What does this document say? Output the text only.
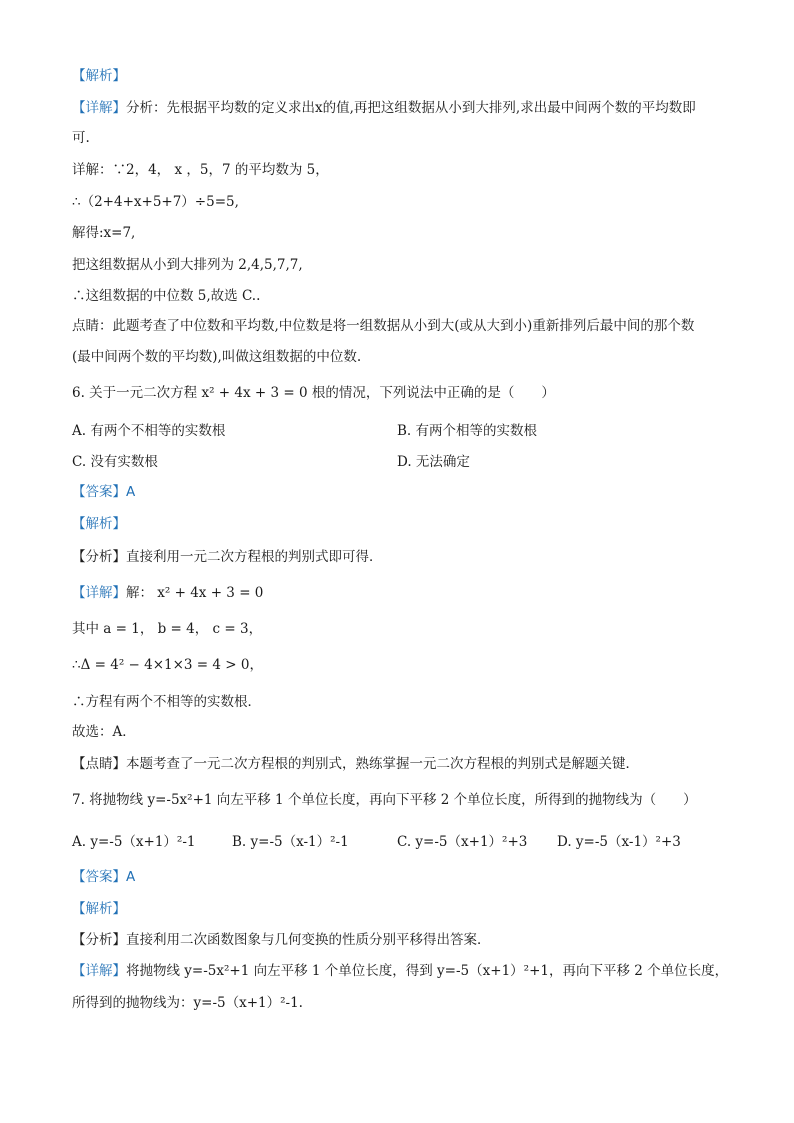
【解析】
【详解】分析：先根据平均数的定义求出x的值,再把这组数据从小到大排列,求出最中间两个数的平均数即
可.
详解：∵2，4， x ，5，7 的平均数为 5，
∴（2+4+x+5+7）÷5=5,
解得:x=7,
把这组数据从小到大排列为 2,4,5,7,7,
∴这组数据的中位数 5,故选 C..
点睛：此题考查了中位数和平均数,中位数是将一组数据从小到大(或从大到小)重新排列后最中间的那个数
(最中间两个数的平均数),叫做这组数据的中位数.
6. 关于一元二次方程 x² + 4x + 3 = 0 根的情况，下列说法中正确的是（　　）
A. 有两个不相等的实数根	B. 有两个相等的实数根
C. 没有实数根	D. 无法确定
【答案】A
【解析】
【分析】直接利用一元二次方程根的判别式即可得．
【详解】解： x² + 4x + 3 = 0
其中 a = 1， b = 4， c = 3，
∴Δ = 4² − 4×1×3 = 4 > 0，
∴方程有两个不相等的实数根．
故选：A．
【点睛】本题考查了一元二次方程根的判别式，熟练掌握一元二次方程根的判别式是解题关键．
7. 将抛物线 y=-5x²+1 向左平移 1 个单位长度，再向下平移 2 个单位长度，所得到的抛物线为（　　）
A. y=-5（x+1）²-1	B. y=-5（x-1）²-1	C. y=-5（x+1）²+3 D. y=-5（x-1）²+3
【答案】A
【解析】
【分析】直接利用二次函数图象与几何变换的性质分别平移得出答案．
【详解】将抛物线 y=-5x²+1 向左平移 1 个单位长度，得到 y=-5（x+1）²+1，再向下平移 2 个单位长度，
所得到的抛物线为：y=-5（x+1）²-1.
